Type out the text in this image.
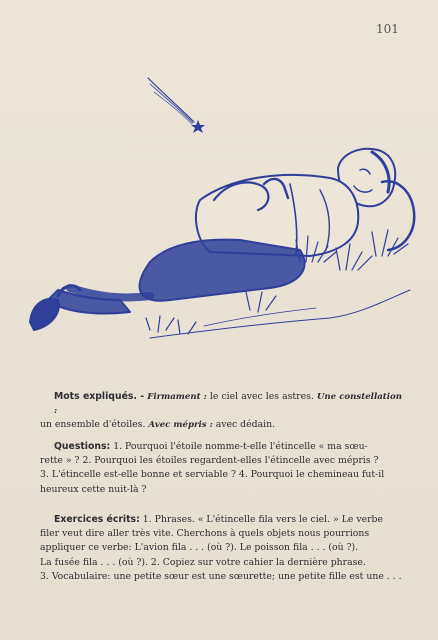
101
Mots expliqués. - Firmament : le ciel avec les astres. Une constellation :
un ensemble d'étoiles. Avec mépris : avec dédain.
Questions: 1. Pourquoi l'étoile nomme-t-elle l'étincelle « ma sœu-
rette » ? 2. Pourquoi les étoiles regardent-elles l'étincelle avec mépris ?
3. L'étincelle est-elle bonne et serviable ? 4. Pourquoi le chemineau fut-il
heureux cette nuit-là ?
Exercices écrits: 1. Phrases. « L'étincelle fila vers le ciel. » Le verbe
filer veut dire aller très vite. Cherchons à quels objets nous pourrions
appliquer ce verbe: L'avion fila . . . (où ?). Le poisson fila . . . (où ?).
La fusée fila . . . (où ?). 2. Copiez sur votre cahier la dernière phrase.
3. Vocabulaire: une petite sœur est une sœurette; une petite fille est une . . .
